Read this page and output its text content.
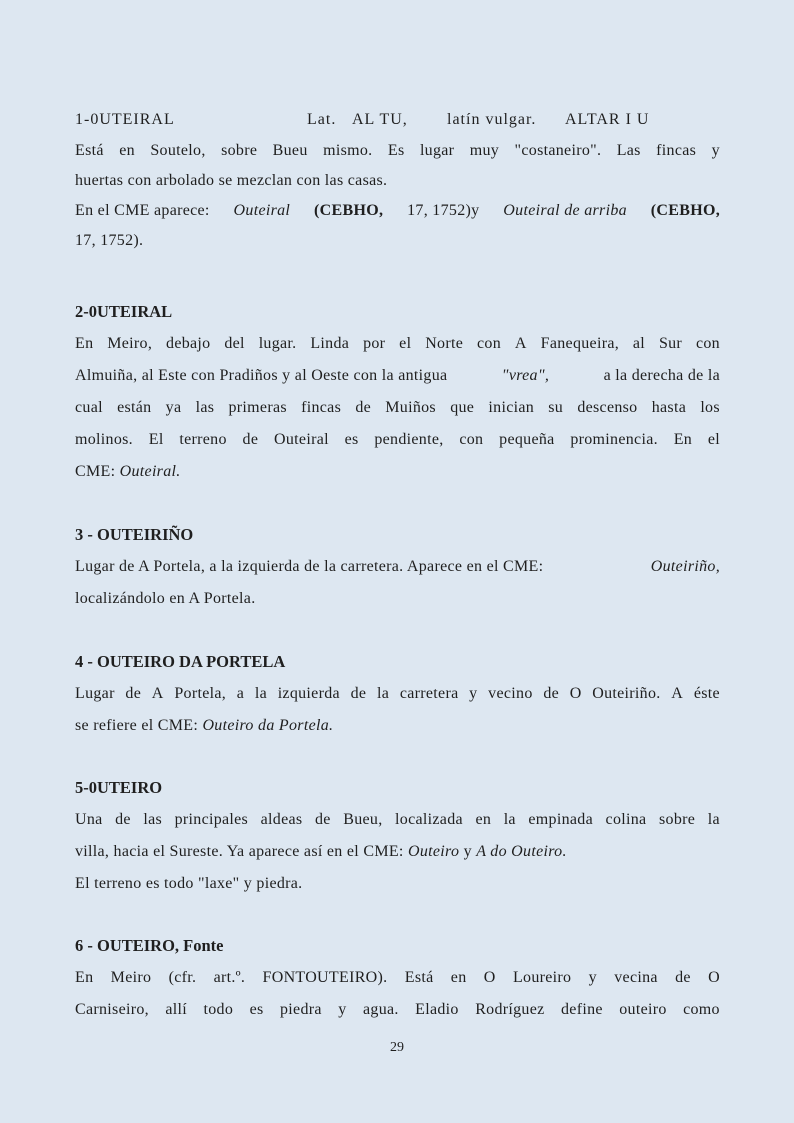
1-0UTEIRAL	Lat. AL TU, latín vulgar. ALTAR I U
Está en Soutelo, sobre Bueu mismo. Es lugar muy "costaneiro". Las fincas y
huertas con arbolado se mezclan con las casas.
En el CME aparece: Outeiral (CEBHO, 17, 1752)y Outeiral de arriba (CEBHO,
17, 1752).
2-0UTEIRAL
En Meiro, debajo del lugar. Linda por el Norte con A Fanequeira, al Sur con
Almuiña, al Este con Pradiños y al Oeste con la antigua	"vrea",	a la derecha de la
cual están ya las primeras fincas de Muiños que inician su descenso hasta los
molinos. El terreno de Outeiral es pendiente, con pequeña prominencia. En el
CME: Outeiral.
3 - OUTEIRIÑO
Lugar de A Portela, a la izquierda de la carretera. Aparece en el CME:	Outeiriño,
localizándolo en A Portela.
4 - OUTEIRO DA PORTELA
Lugar de A Portela, a la izquierda de la carretera y vecino de O Outeiriño. A éste
se refiere el CME: Outeiro da Portela.
5-0UTEIRO
Una de las principales aldeas de Bueu, localizada en la empinada colina sobre la
villa, hacia el Sureste. Ya aparece así en el CME: Outeiro y A do Outeiro.
El terreno es todo "laxe" y piedra.
6 - OUTEIRO, Fonte
En Meiro (cfr. art.º. FONTOUTEIRO). Está en O Loureiro y vecina de O
Carniseiro, allí todo es piedra y agua. Eladio Rodríguez define outeiro como
29
